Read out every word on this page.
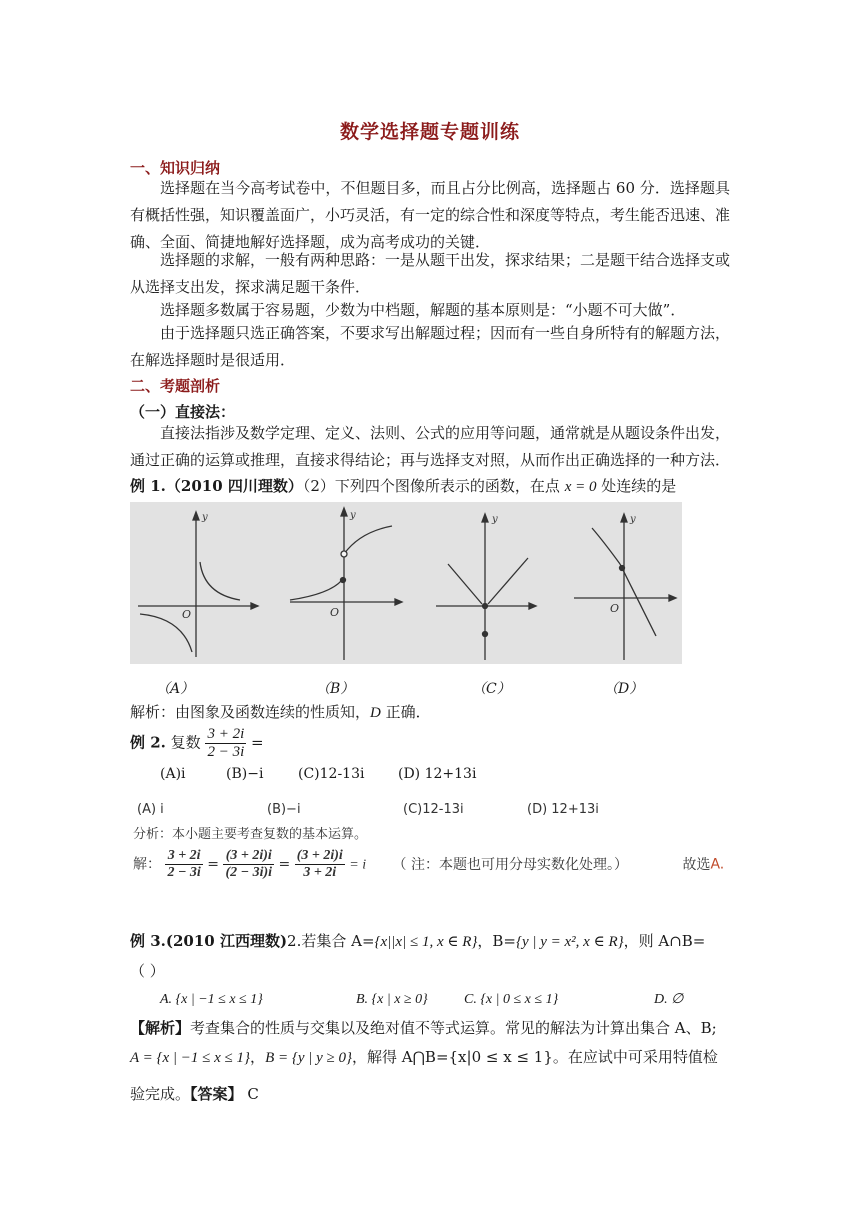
数学选择题专题训练
一、知识归纳
选择题在当今高考试卷中，不但题目多，而且占分比例高，选择题占 60 分．选择题具有概括性强，知识覆盖面广，小巧灵活，有一定的综合性和深度等特点，考生能否迅速、准确、全面、简捷地解好选择题，成为高考成功的关键．
选择题的求解，一般有两种思路：一是从题干出发，探求结果；二是题干结合选择支或从选择支出发，探求满足题干条件．
选择题多数属于容易题，少数为中档题，解题的基本原则是：“小题不可大做”．
由于选择题只选正确答案，不要求写出解题过程；因而有一些自身所特有的解题方法，在解选择题时是很适用．
二、考题剖析
（一）直接法：
直接法指涉及数学定理、定义、法则、公式的应用等问题，通常就是从题设条件出发，通过正确的运算或推理，直接求得结论；再与选择支对照，从而作出正确选择的一种方法．
例 1.（2010 四川理数）（2）下列四个图像所表示的函数，在点 x = 0 处连续的是
O
y
O
y	y
O
y
（A）	（B）	（C）	（D）
解析：由图象及函数连续的性质知，D 正确．
例 2. 复数 $\frac{3 + 2i}{2 - 3i}$ =
(A)i	(B)−i (C)12-13i (D) 12+13i
(A) i	(B)−i	(C)12-13i	(D) 12+13i
分析：本小题主要考查复数的基本运算。
解： $\frac{3 + 2i}{2 - 3i} = \frac{(3 + 2i)i}{(2 - 3i)i} = \frac{(3 + 2i)i}{3 + 2i} = i$ （ 注：本题也可用分母实数化处理。）	故选A.
例 3.(2010 江西理数)2.若集合 A={x||x| ≤ 1, x ∈ R}，B={y | y = x², x ∈ R}，则 A∩B=
（ ）
A. {x | −1 ≤ x ≤ 1}	B. {x | x ≥ 0}	C. {x | 0 ≤ x ≤ 1}	D. ∅
【解析】考查集合的性质与交集以及绝对值不等式运算。常见的解法为计算出集合 A、B;
A = {x | −1 ≤ x ≤ 1}，B = {y | y ≥ 0}，解得 A⋂B={x|0 ≤ x ≤ 1}。在应试中可采用特值检
验完成。【答案】 C
